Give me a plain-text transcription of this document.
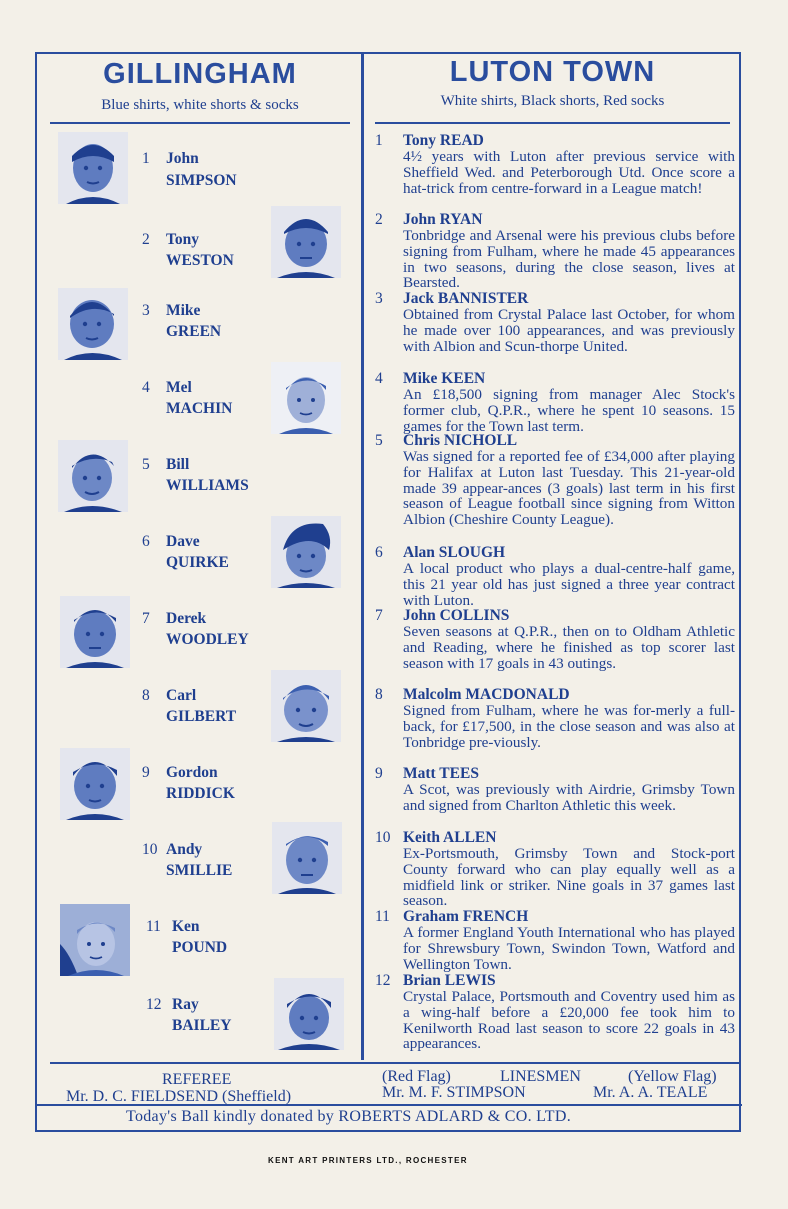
GILLINGHAM
Blue shirts, white shorts & socks
LUTON TOWN
White shirts, Black shorts, Red socks
1 John
SIMPSON
2 Tony
WESTON
3 Mike
GREEN
4 Mel
MACHIN
5 Bill
WILLIAMS
6 Dave
QUIRKE
7 Derek
WOODLEY
8 Carl
GILBERT
9 Gordon
RIDDICK
10 Andy
SMILLIE
11 Ken
POUND
12 Ray
BAILEY
1 Tony READ
4½ years with Luton after previous service with Sheffield Wed. and Peterborough Utd. Once score a hat-trick from centre-forward in a League match!
2 John RYAN
Tonbridge and Arsenal were his previous clubs before signing from Fulham, where he made 45 appearances in two seasons, during the close season, lives at Bearsted.
3 Jack BANNISTER
Obtained from Crystal Palace last October, for whom he made over 100 appearances, and was previously with Albion and Scun-thorpe United.
4 Mike KEEN
An £18,500 signing from manager Alec Stock's former club, Q.P.R., where he spent 10 seasons. 15 games for the Town last term.
5 Chris NICHOLL
Was signed for a reported fee of £34,000 after playing for Halifax at Luton last Tuesday. This 21-year-old made 39 appear-ances (3 goals) last term in his first season of League football since signing from Witton Albion (Cheshire County League).
6 Alan SLOUGH
A local product who plays a dual-centre-half game, this 21 year old has just signed a three year contract with Luton.
7 John COLLINS
Seven seasons at Q.P.R., then on to Oldham Athletic and Reading, where he finished as top scorer last season with 17 goals in 43 outings.
8 Malcolm MACDONALD
Signed from Fulham, where he was for-merly a full-back, for £17,500, in the close season and was also at Tonbridge pre-viously.
9 Matt TEES
A Scot, was previously with Airdrie, Grimsby Town and signed from Charlton Athletic this week.
10 Keith ALLEN
Ex-Portsmouth, Grimsby Town and Stock-port County forward who can play equally well as a midfield link or striker. Nine goals in 37 games last season.
11 Graham FRENCH
A former England Youth International who has played for Shrewsbury Town, Swindon Town, Watford and Wellington Town.
12 Brian LEWIS
Crystal Palace, Portsmouth and Coventry used him as a wing-half before a £20,000 fee took him to Kenilworth Road last season to score 22 goals in 43 appearances.
REFEREE
Mr. D. C. FIELDSEND (Sheffield)
(Red Flag)	LINESMEN	(Yellow Flag)
Mr. M. F. STIMPSON	Mr. A. A. TEALE
Today's Ball kindly donated by ROBERTS ADLARD & CO. LTD.
KENT ART PRINTERS LTD., ROCHESTER
